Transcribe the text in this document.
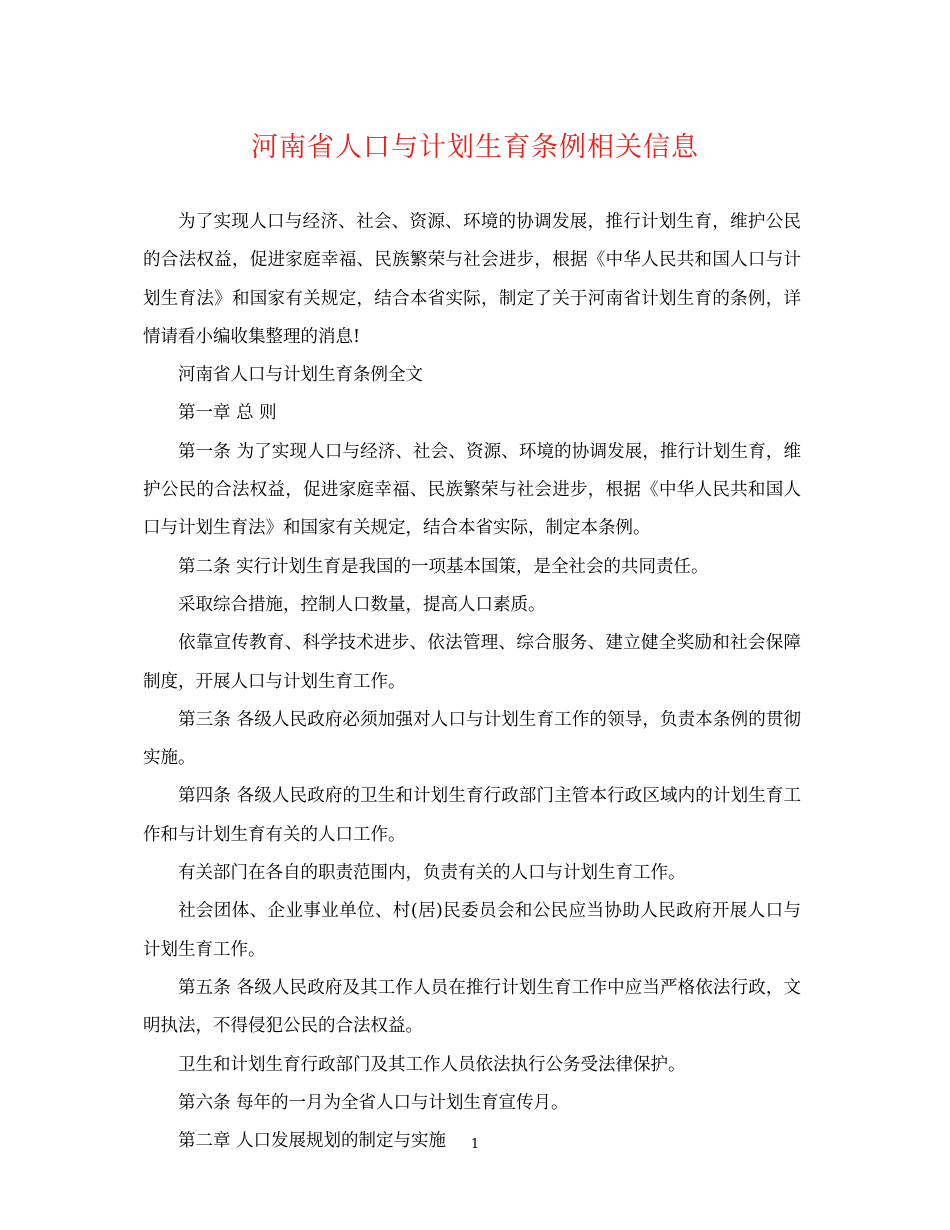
河南省人口与计划生育条例相关信息

为了实现人口与经济、社会、资源、环境的协调发展，推行计划生育，维护公民的合法权益，促进家庭幸福、民族繁荣与社会进步，根据《中华人民共和国人口与计划生育法》和国家有关规定，结合本省实际，制定了关于河南省计划生育的条例，详情请看小编收集整理的消息!

河南省人口与计划生育条例全文

第一章 总 则

第一条 为了实现人口与经济、社会、资源、环境的协调发展，推行计划生育，维护公民的合法权益，促进家庭幸福、民族繁荣与社会进步，根据《中华人民共和国人口与计划生育法》和国家有关规定，结合本省实际，制定本条例。

第二条 实行计划生育是我国的一项基本国策，是全社会的共同责任。

采取综合措施，控制人口数量，提高人口素质。

依靠宣传教育、科学技术进步、依法管理、综合服务、建立健全奖励和社会保障制度，开展人口与计划生育工作。

第三条 各级人民政府必须加强对人口与计划生育工作的领导，负责本条例的贯彻实施。

第四条 各级人民政府的卫生和计划生育行政部门主管本行政区域内的计划生育工作和与计划生育有关的人口工作。

有关部门在各自的职责范围内，负责有关的人口与计划生育工作。

社会团体、企业事业单位、村(居)民委员会和公民应当协助人民政府开展人口与计划生育工作。

第五条 各级人民政府及其工作人员在推行计划生育工作中应当严格依法行政，文明执法，不得侵犯公民的合法权益。

卫生和计划生育行政部门及其工作人员依法执行公务受法律保护。

第六条 每年的一月为全省人口与计划生育宣传月。

第二章 人口发展规划的制定与实施	1
